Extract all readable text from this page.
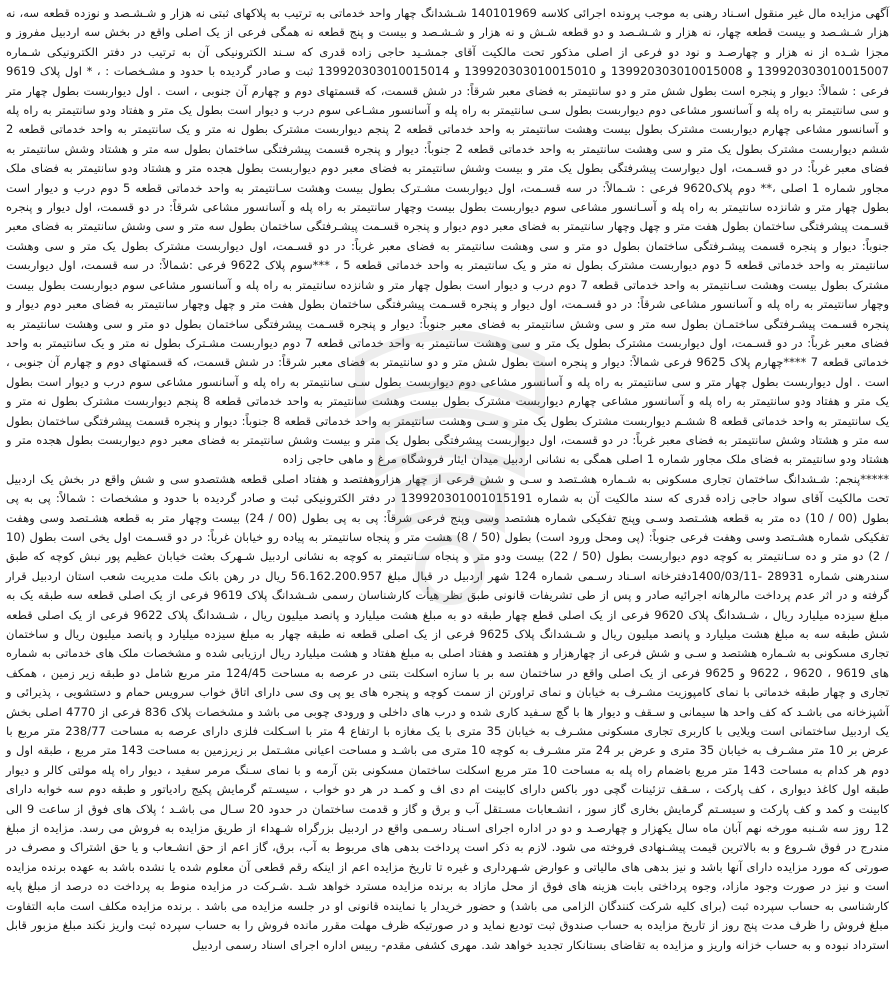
آگهی مزایده مال غیر منقول اسـناد رهنی به موجب پرونده اجرائی کلاسه 140101969 شـشدانگ چهار واحد خدماتی به ترتیب به پلاکهای ثبتی نه هزار و شـشـصد و نوزده قطعه سه، نه هزار شـشـصد و بیست قطعه چهار، نه هزار و شـشـصد و دو قطعه شـش و نه هزار و شـشـصد و بیست و پنج قطعه نه همگی فرعی از یک اصلی واقع در بخش سه اردبیل مفروز و مجزا شـده از نه هزار و چهارصـد و نود دو فرعی از اصلی مذکور تحت مالکیت آقای جمشـید حاجی زاده قدری که سـند الکترونیکی آن به ترتیب در دفتر الکترونیکی شـماره 139920303010015007 و 139920303010015008 و 139920303010015010 و 139920303010015014 ثبت و صادر گردیده با حدود و مشـخصات : ، * اول پلاک 9619 فرعی : شمالاً: دیوار و پنجره است بطول شش متر و دو سانتیمتر به فضای معبر شرقاً: در شش قسمت، که قسمتهای دوم و چهارم آن جنوبی ، است . اول دیواربست بطول چهار متر و سی سانتیمتر به راه پله و آسانسور مشاعی دوم دیواربست بطول سـی سانتیمتر به راه پله و آسانسور مشـاعی سوم درب و دیوار است بطول یک متر و هفتاد ودو سانتیمتر به راه پله و آسانسور مشاعی چهارم دیواربست مشترک بطول بیست وهشت سانتیمتر به واحد خدماتی قطعه 2 پنجم دیواربست مشترک بطول نه متر و یک سانتیمتر به واحد خدماتی قطعه 2 ششم دیواربست مشترک بطول یک متر و سی وهشت سانتیمتر به واحد خدماتی قطعه 2 جنوباً: دیوار و پنجره قسمت پیشرفتگی ساختمان بطول سه متر و هشتاد وشش سانتیمتر به فضای معبر غرباً: در دو قسـمت، اول دیوارست پیشرفتگی بطول یک متر و بیست وشش سانتیمتر به فضای معبر دوم دیواربست بطول هجده متر و هشتاد ودو سانتیمتر به فضای ملک مجاور شماره 1 اصلی ،** دوم پلاک9620 فرعی : شـمالاً: در سه قسـمت، اول دیواربست مشـترک بطول بیست وهشت سـانتیمتر به واحد خدماتی قطعه 5 دوم درب و دیوار است بطول چهار متر و شانزده سانتیمتر به راه پله و آسـانسور مشاعی سوم دیواربست بطول بیست وچهار سانتیمتر به راه پله و آسانسور مشاعی شرقاً: در دو قسمت، اول دیوار و پنجره قسـمت پیشرفتگی ساختمان بطول هفت متر و چهل وچهار سانتیمتر به فضای معبر دوم دیوار و پنجره قسـمت پیشـرفتگی ساختمان بطول سه متر و سی وشش سانتیمتر به فضای معبر جنوباً: دیوار و پنجره قسمت پیشـرفتگی ساختمان بطول دو متر و سی وهشت سانتیمتر به فضای معبر غرباً: در دو قسـمت، اول دیواربست مشترک بطول یک متر و سی وهشت سانتیمتر به واحد خدماتی قطعه 5 دوم دیواربست مشترک بطول نه متر و یک سانتیمتر به واحد خدماتی قطعه 5 ، ***سوم پلاک 9622 فرعی :شمالاً: در سه قسمت، اول دیواربست مشترک بطول بیست وهشت سـانتیمتر به واحد خدماتی قطعه 7 دوم درب و دیوار است بطول چهار متر و شانزده سانتیمتر به راه پله و آسانسور مشاعی سوم دیواربست بطول بیست وچهار سانتیمتر به راه پله و آسانسور مشاعی شرقاً: در دو قسـمت، اول دیوار و پنجره قسـمت پیشرفتگی ساختمان بطول هفت متر و چهل وچهار سانتیمتر به فضای معبر دوم دیوار و پنجره قسـمت پیشـرفتگی ساختمـان بطول سه متر و سی وشش سانتیمتر به فضای معبر جنوباً: دیوار و پنجره قسـمت پیشرفتگی ساختمان بطول دو متر و سی وهشت سانتیمتر به فضای معبر غرباً: در دو قسـمت، اول دیواربست مشترک بطول یک متر و سی وهشت سانتیمتر به واحد خدماتی قطعه 7 دوم دیواربست مشـترک بطول نه متر و یک سانتیمتر به واحد خدماتی قطعه 7 ****چهارم پلاک 9625 فرعی شمالاً: دیوار و پنجره است بطول شش متر و دو سانتیمتر به فضای معبر شرقاً: در شش قسمت، که قسمتهای دوم و چهارم آن جنوبی ، است . اول دیواربست بطول چهار متر و سی سانتیمتر به راه پله و آسانسور مشاعی دوم دیواربست بطول سـی سانتیمتر به راه پله و آسانسور مشاعی سوم درب و دیوار است بطول یک متر و هفتاد ودو سانتیمتر به راه پله و آسانسور مشاعی چهارم دیواربست مشترک بطول بیست وهشت سانتیمتر به واحد خدماتی قطعه 8 پنجم دیواربست مشترک بطول نه متر و یک سانتیمتر به واحد خدماتی قطعه 8 ششـم دیواربست مشترک بطول یک متر و سـی وهشت سانتیمتر به واحد خدماتی قطعه 8 جنوباً: دیوار و پنجره قسمت پیشرفتگی ساختمان بطول سه متر و هشتاد وشش سانتیمتر به فضای معبر غرباً: در دو قسمت، اول دیواربست پیشرفتگی بطول یک متر و بیست وشش سانتیمتر به فضای معبر دوم دیواربست بطول هجده متر و هشتاد ودو سانتیمتر به فضای ملک مجاور شماره 1 اصلی همگی به نشانی اردبیل میدان ایثار فروشگاه مرغ و ماهی حاجی زاده

*****پنجم: شـشدانگ ساختمان تجاری مسکونی به شـماره هشـتصد و سـی و شش فرعی از چهار هزاروهفتصد و هفتاد اصلی قطعه هشتصدو سی و شش واقع در بخش یک اردبیل تحت مالکیت آقای سواد حاجی زاده قدری که سند مالکیت آن به شماره 139920301001015191 در دفتر الکترونیکی ثبت و صادر گردیده با حدود و مشخصات : شمالاً: پی به پی بطول (00 / 10) ده متر به قطعه هشـتصد وسـی وپنج تفکیکی شماره هشتصد وسی وپنج فرعی شرقاً: پی به پی بطول (00 / 24) بیست وچهار متر به قطعه هشـتصد وسی وهفت تفکیکی شماره هشـتصد وسی وهفت فرعی جنوباً: (پی ومحل ورود است) بطول (50 / 8) هشت متر و پنجاه سانتیمتر به پیاده رو خیابان غرباً: در دو قسـمت اول یخی است بطول (10 / 2) دو متر و ده سـانتیمتر به کوچه دوم دیواربست بطول (50 / 22) بیست ودو متر و پنجاه سـانتیمتر به کوچه به نشانی اردبیل شـهرک بعثت خیابان عظیم پور نبش کوچه که طبق سندرهنی شماره 28931 -1400/03/11دفترخانه اسـناد رسـمی شماره 124 شهر اردبیل در قبال مبلغ 56.162.200.957 ریال در رهن بانک ملت مدیریت شعب استان اردبیل قرار گرفته و در اثر عدم پرداخت مالرهانه اجرائیه صادر و پس از طی تشریفات قانونی طبق نظر هیأت کارشناسان رسمی شـشدانگ پلاک 9619 فرعی از یک اصلی قطعه سه طبقه یک به مبلغ سیزده میلیارد ریال ، شـشدانگ پلاک 9620 فرعی از یک اصلی قطع چهار طبقه دو به مبلغ هشت میلیارد و پانصد میلیون ریال ، شـشدانگ پلاک 9622 فرعی از یک اصلی قطعه شش طبقه سه به مبلغ هشت میلیارد و پانصد میلیون ریال و شـشدانگ پلاک 9625 فرعی از یک اصلی قطعه نه طبقه چهار به مبلغ سیزده میلیارد و پانصد میلیون ریال و ساختمان تجاری مسکونی به شـماره هشتصد و سـی و شش فرعی از چهارهزار و هفتصد و هفتاد اصلی به مبلغ هفتاد و هشت میلیارد ریال ارزیابی شده و مشخصات ملک های خدماتی به شماره های 9619 ، 9620 ، 9622 و 9625 فرعی از یک اصلی واقع در ساختمان سه بر با سازه اسکلت بتنی در عرصه به مساحت 124/45 متر مربع شامل دو طبقه زیر زمین ، همکف تجاری و چهار طبقه خدماتی با نمای کامپوزیت مشـرف به خیابان و نمای تراورتن از سمت کوچه و پنجره های یو پی وی سی دارای اتاق خواب سرویس حمام و دستشویی ، پذیرائی و آشپزخانه می باشـد که کف واحد ها سیمانی و سـقف و دیوار ها با گچ سـفید کاری شده و درب های داخلی و ورودی چوبی می باشد و مشخصات پلاک 836 فرعی از 4770 اصلی بخش یک اردبیل ساختمانی است ویلایی با کاربری تجاری مسکونی مشـرف به خیابان 35 متری با یک مغازه با ارتفاع 4 متر با اسـکلت فلزی دارای عرصه به مساحت 238/77 متر مربع با عرض بر 10 متر مشـرف به خیابان 35 متری و عرض بر 24 متر مشـرف به کوچه 10 متری می باشـد و مساحت اعیانی مشـتمل بر زیرزمین به مساحت 143 متر مربع ، طبقه اول و دوم هر کدام به مساحت 143 متر مربع باضمام راه پله به مساحت 10 متر مربع اسکلت ساختمان مسکونی بتن آرمه و با نمای سـنگ مرمر سفید ، دیوار راه پله مولتی کالر و دیوار طبقه اول کاغذ دیواری ، کف پارکت ، سـقف تزئینات گچی دور باکس دارای کابینت ام دی اف و کمـد در هر دو خواب ، سیسـتم گرمایش پکیج رادیاتور و طبقه دوم سه خوابه دارای کابینت و کمد و کف پارکت و سیسـتم گرمایش بخاری گاز سوز ، انشـعابات مسـتقل آب و برق و گاز و قدمت ساختمان در حدود 20 سـال می باشـد ؛ پلاک های فوق از ساعت 9 الی 12 روز سه شـنبه مورخه نهم آبان ماه سال یکهزار و چهارصـد و دو در اداره اجرای اسـناد رسـمی واقع در اردبیل بزرگراه شـهداء از طریق مزایده به فروش می رسد. مزایده از مبلغ مندرج در فوق شـروع و به بالاترین قیمت پیشـنهادی فروخته می شود. لازم به ذکر است پرداخت بدهی های مربوط به آب، برق، گاز اعم از حق انشـعاب و یا حق اشتراک و مصرف در صورتی که مورد مزایده دارای آنها باشد و نیز بدهی های مالیاتی و عوارض شـهرداری و غیره تا تاریخ مزایده اعم از اینکه رقم قطعی آن معلوم شده یا نشده باشد به عهده برنده مزایده است و نیز در صورت وجود مازاد، وجوه پرداختی بابت هزینه های فوق از محل مازاد به برنده مزایده مسترد خواهد شـد .شـرکت در مزایده منوط به پرداخت ده درصد از مبلغ پایه کارشناسی به حساب سپرده ثبت (برای کلیه شرکت کنندگان الزامی می باشد) و حضور خریدار یا نماینده قانونی او در جلسه مزایده می باشد . برنده مزایده مکلف است مابه التفاوت مبلغ فروش را ظرف مدت پنج روز از تاریخ مزایده به حساب صندوق ثبت تودیع نماید و در صورتیکه ظرف مهلت مقرر مانده فروش را به حساب سپرده ثبت واریز نکند مبلغ مزبور قابل استرداد نبوده و به حساب خزانه واریز و مزایده به تقاضای بستانکار تجدید خواهد شد. مهری کشفی مقدم- رییس اداره اجرای اسناد رسمی اردبیل
